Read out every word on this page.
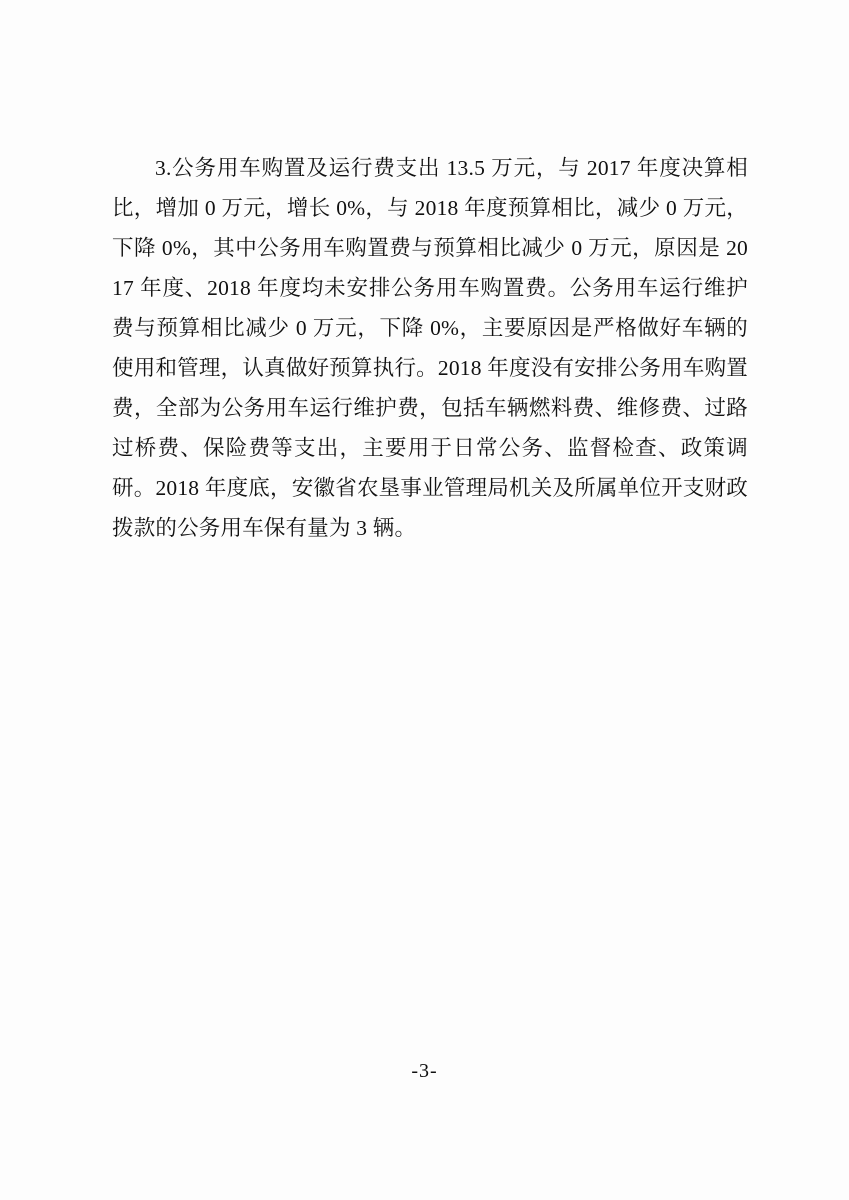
3.公务用车购置及运行费支出 13.5 万元，与 2017 年度决算相比，增加 0 万元，增长 0%，与 2018 年度预算相比，减少 0 万元，下降 0%，其中公务用车购置费与预算相比减少 0 万元，原因是 2017 年度、2018 年度均未安排公务用车购置费。公务用车运行维护费与预算相比减少 0 万元，下降 0%，主要原因是严格做好车辆的使用和管理，认真做好预算执行。2018 年度没有安排公务用车购置费，全部为公务用车运行维护费，包括车辆燃料费、维修费、过路过桥费、保险费等支出，主要用于日常公务、监督检查、政策调研。2018 年度底，安徽省农垦事业管理局机关及所属单位开支财政拨款的公务用车保有量为 3 辆。

-3-
